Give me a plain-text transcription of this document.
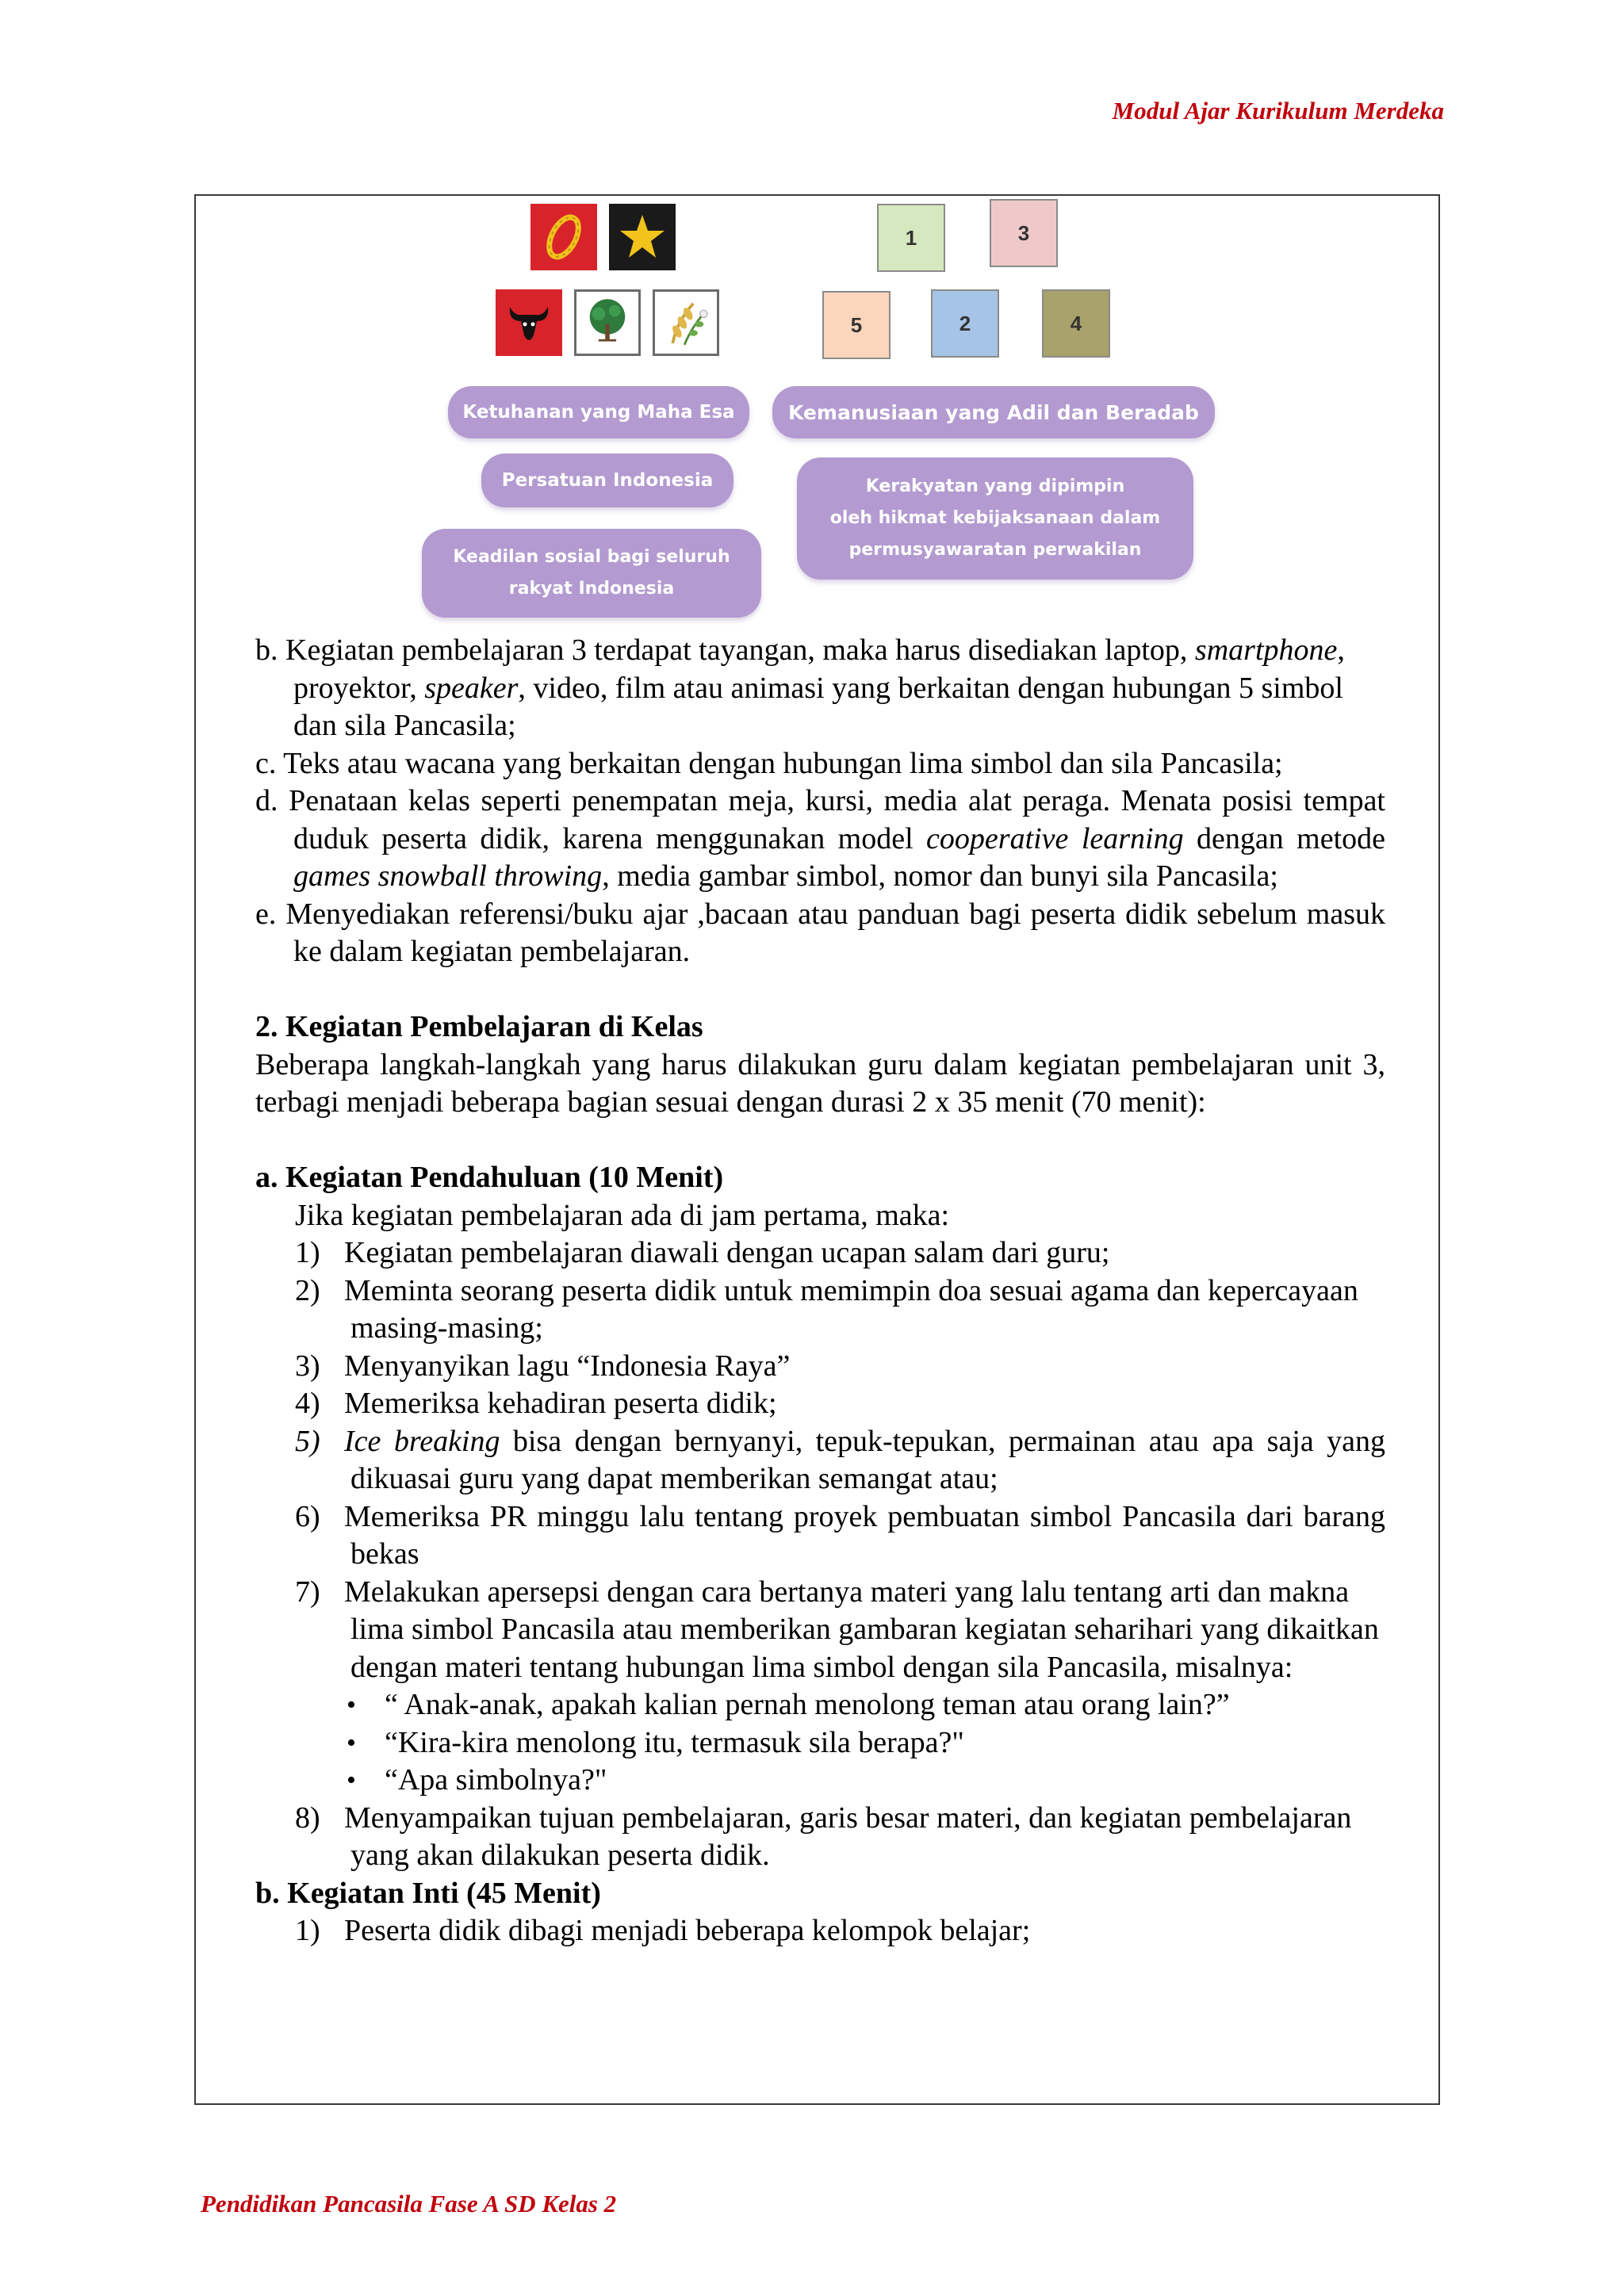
Modul Ajar Kurikulum Merdeka
1	3
5	2	4
Ketuhanan yang Maha Esa	Kemanusiaan yang Adil dan Beradab
Persatuan Indonesia	Kerakyatan yang dipimpin
oleh hikmat kebijaksanaan dalam
permusyawaratan perwakilan
Keadilan sosial bagi seluruh
rakyat Indonesia

b. Kegiatan pembelajaran 3 terdapat tayangan, maka harus disediakan laptop, smartphone, proyektor, speaker, video, film atau animasi yang berkaitan dengan hubungan 5 simbol dan sila Pancasila;

c. Teks atau wacana yang berkaitan dengan hubungan lima simbol dan sila Pancasila;

d. Penataan kelas seperti penempatan meja, kursi, media alat peraga. Menata posisi tempat duduk peserta didik, karena menggunakan model cooperative learning dengan metode games snowball throwing, media gambar simbol, nomor dan bunyi sila Pancasila;

e. Menyediakan referensi/buku ajar ,bacaan atau panduan bagi peserta didik sebelum masuk ke dalam kegiatan pembelajaran.

2. Kegiatan Pembelajaran di Kelas

Beberapa langkah-langkah yang harus dilakukan guru dalam kegiatan pembelajaran unit 3, terbagi menjadi beberapa bagian sesuai dengan durasi 2 x 35 menit (70 menit):

a. Kegiatan Pendahuluan (10 Menit)

Jika kegiatan pembelajaran ada di jam pertama, maka:

1) Kegiatan pembelajaran diawali dengan ucapan salam dari guru;
2) Meminta seorang peserta didik untuk memimpin doa sesuai agama dan kepercayaan masing-masing;
3) Menyanyikan lagu “Indonesia Raya”
4) Memeriksa kehadiran peserta didik;
5) Ice breaking bisa dengan bernyanyi, tepuk-tepukan, permainan atau apa saja yang dikuasai guru yang dapat memberikan semangat atau;
6) Memeriksa PR minggu lalu tentang proyek pembuatan simbol Pancasila dari barang bekas
7) Melakukan apersepsi dengan cara bertanya materi yang lalu tentang arti dan makna lima simbol Pancasila atau memberikan gambaran kegiatan seharihari yang dikaitkan dengan materi tentang hubungan lima simbol dengan sila Pancasila, misalnya:
• “ Anak-anak, apakah kalian pernah menolong teman atau orang lain?”
• “Kira-kira menolong itu, termasuk sila berapa?"
• “Apa simbolnya?"
8) Menyampaikan tujuan pembelajaran, garis besar materi, dan kegiatan pembelajaran yang akan dilakukan peserta didik.

b. Kegiatan Inti (45 Menit)

1) Peserta didik dibagi menjadi beberapa kelompok belajar;
Pendidikan Pancasila Fase A SD Kelas 2
